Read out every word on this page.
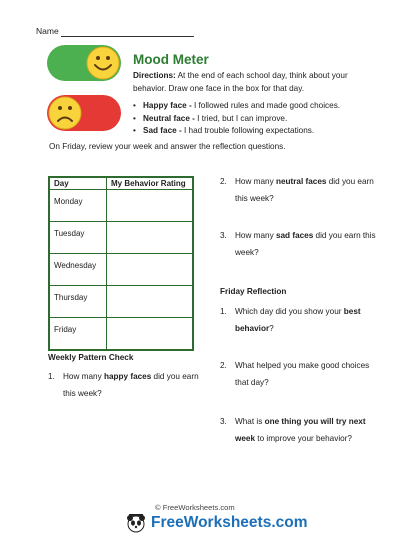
Name
Mood Meter
Directions: At the end of each school day, think about your behavior. Draw one face in the box for that day.
• Happy face - I followed rules and made good choices.
• Neutral face - I tried, but I can improve.
• Sad face - I had trouble following expectations.
On Friday, review your week and answer the reflection questions.
Day	My Behavior Rating
Monday	
Tuesday	
Wednesday	
Thursday	
Friday	
Weekly Pattern Check
1. How many happy faces did you earn this week?
2. How many neutral faces did you earn this week?
3. How many sad faces did you earn this week?
Friday Reflection
1. Which day did you show your best behavior?
2. What helped you make good choices that day?
3. What is one thing you will try next week to improve your behavior?
© FreeWorksheets.com
FreeWorksheets.com
